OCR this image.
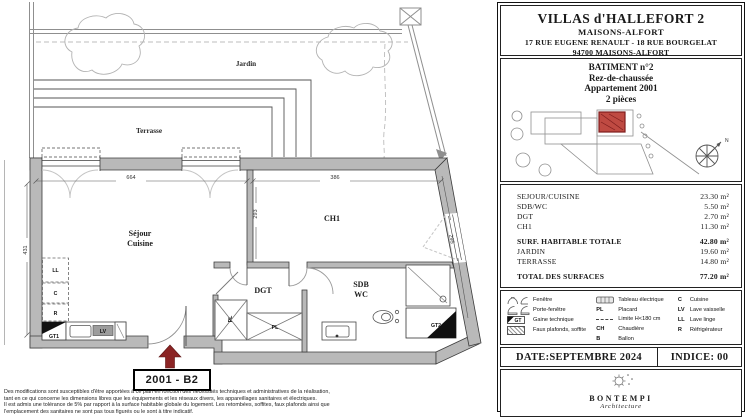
664	386
431
293
295
Jardin
Terrasse
Séjour
Cuisine
CH1
DGT
SDB
WC
GT1
GT2
LL
C
R
LV
PL
PL
2001 - B2
Des modifications sont susceptibles d'être apportées à ce plan en fonction des nécessités techniques et administratives de la réalisation,
tant en ce qui concerne les dimensions libres que les équipements et les réseaux divers, les appareillages sanitaires et électriques.
Il est admis une tolérance de 5% par rapport à la surface habitable globale du logement. Les retombées, soffites, faux plafonds ainsi que
l'emplacement des sanitaires ne sont pas tous figurés ou le sont à titre indicatif.
VILLAS d'HALLEFORT 2
MAISONS-ALFORT
17 RUE EUGENE RENAULT - 18 RUE BOURGELAT
94700 MAISONS-ALFORT
BATIMENT n°2
Rez-de-chaussée
Appartement 2001
2 pièces
N
SEJOUR/CUISINE	23.30 m²
SDB/WC	5.50 m²
DGT	2.70 m²
CH1	11.30 m²
SURF. HABITABLE TOTALE	42.80 m²
JARDIN	19.60 m²
TERRASSE	14.80 m²
TOTAL DES SURFACES	77.20 m²
Fenêtre
Porte-fenêtre
GT Gaine technique
Faux plafonds, soffite
Tableau électrique
PL	Placard
Limite H<180 cm
CH	Chaudière
B	Ballon
C	Cuisine
LV Lave vaisselle
LL Lave linge
R	Réfrigérateur
DATE:SEPTEMBRE 2024	INDICE: 00
BONTEMPI
Architecture
